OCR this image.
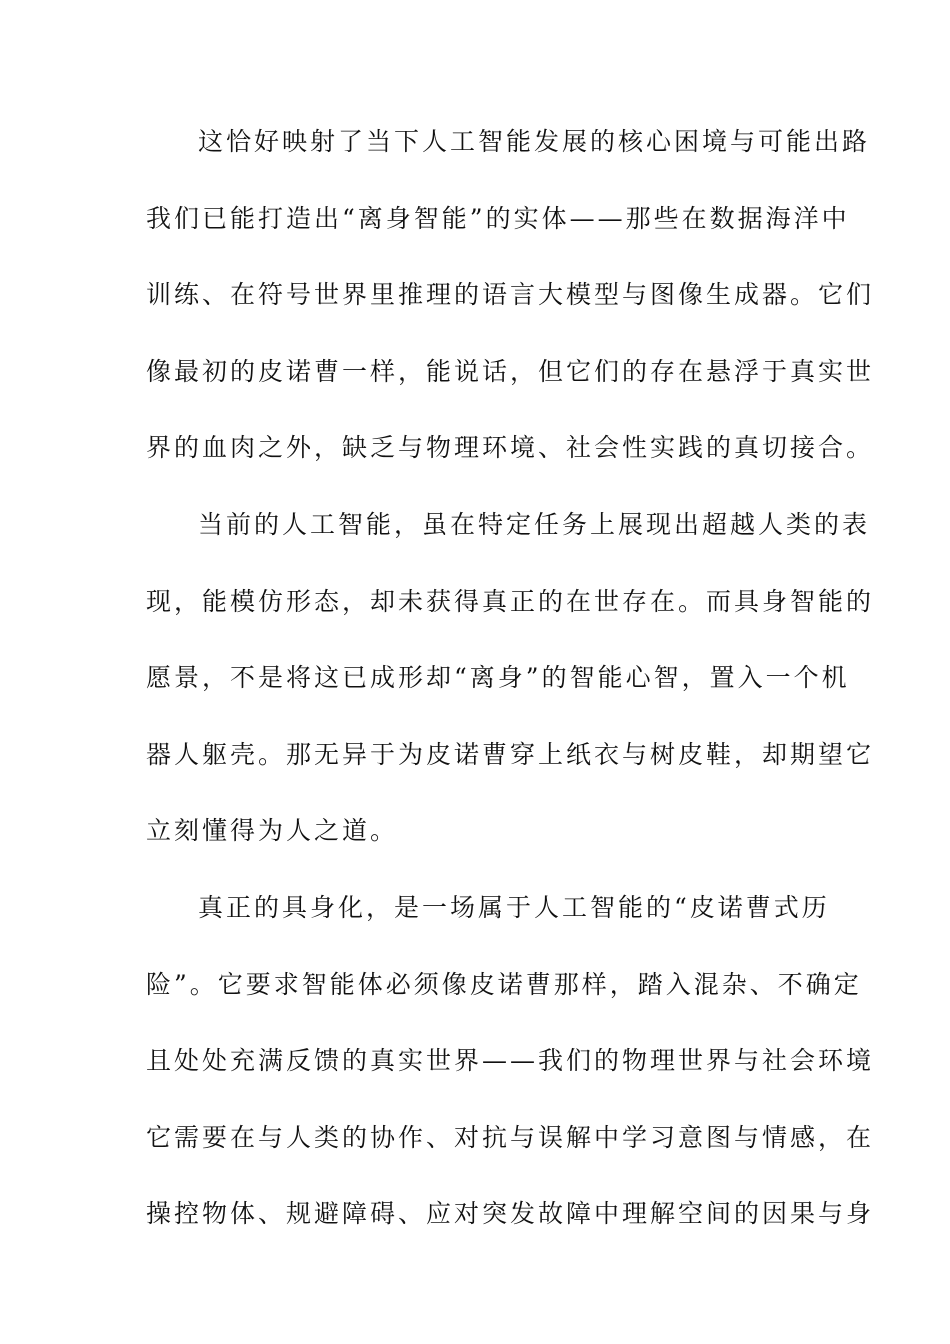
这恰好映射了当下人工智能发展的核心困境与可能出路
我们已能打造出“离身智能”的实体——那些在数据海洋中
训练、在符号世界里推理的语言大模型与图像生成器。它们
像最初的皮诺曹一样，能说话，但它们的存在悬浮于真实世
界的血肉之外，缺乏与物理环境、社会性实践的真切接合。
当前的人工智能，虽在特定任务上展现出超越人类的表
现，能模仿形态，却未获得真正的在世存在。而具身智能的
愿景，不是将这已成形却“离身”的智能心智，置入一个机
器人躯壳。那无异于为皮诺曹穿上纸衣与树皮鞋，却期望它
立刻懂得为人之道。
真正的具身化，是一场属于人工智能的“皮诺曹式历
险”。它要求智能体必须像皮诺曹那样，踏入混杂、不确定
且处处充满反馈的真实世界——我们的物理世界与社会环境
它需要在与人类的协作、对抗与误解中学习意图与情感，在
操控物体、规避障碍、应对突发故障中理解空间的因果与身
